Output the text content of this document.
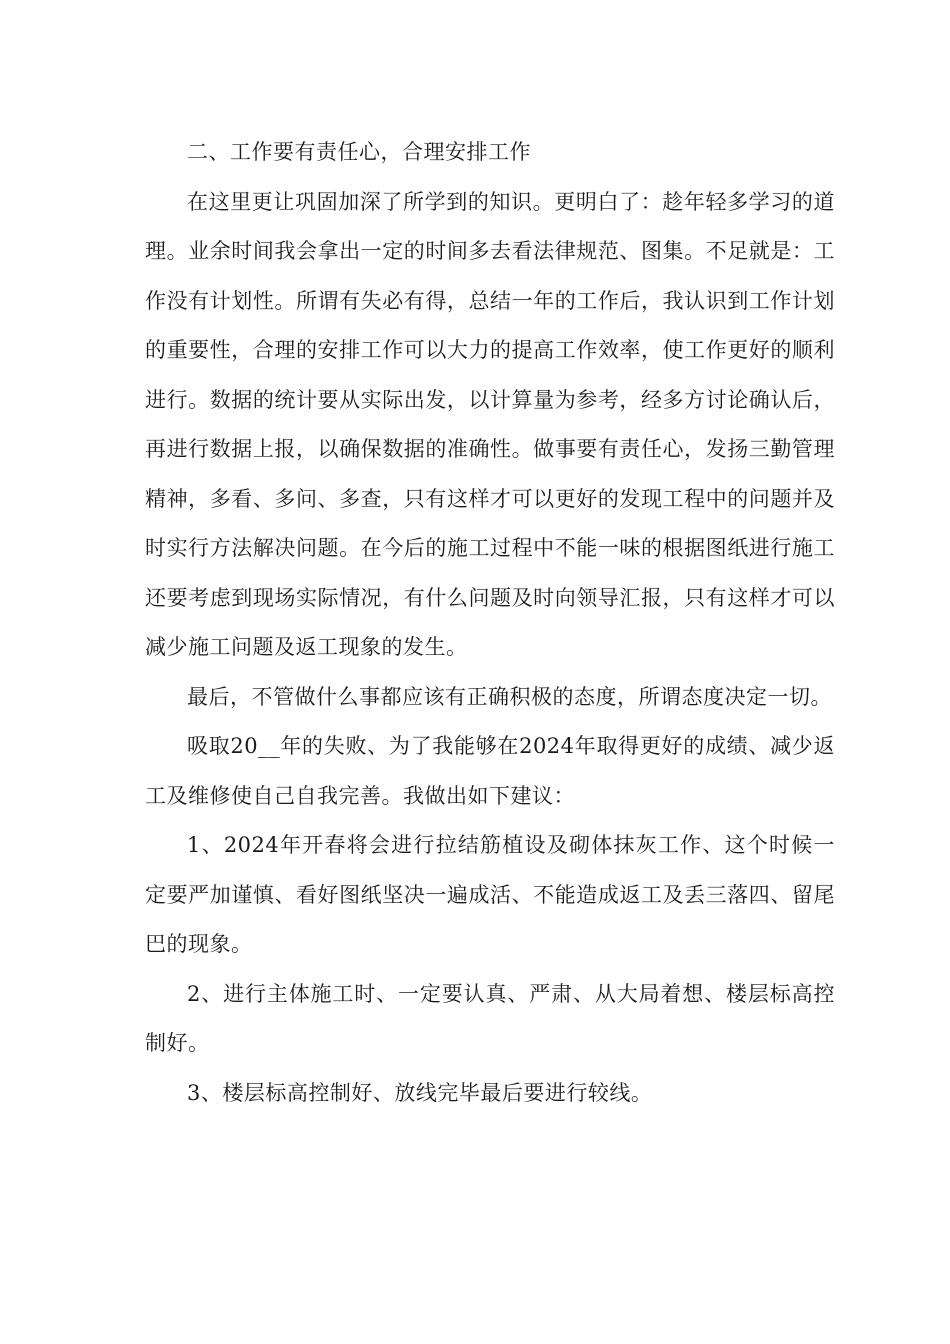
二、工作要有责任心，合理安排工作

在这里更让巩固加深了所学到的知识。更明白了：趁年轻多学习的道理。业余时间我会拿出一定的时间多去看法律规范、图集。不足就是：工作没有计划性。所谓有失必有得，总结一年的工作后，我认识到工作计划的重要性，合理的安排工作可以大力的提高工作效率，使工作更好的顺利进行。数据的统计要从实际出发，以计算量为参考，经多方讨论确认后，再进行数据上报，以确保数据的准确性。做事要有责任心，发扬三勤管理精神，多看、多问、多查，只有这样才可以更好的发现工程中的问题并及时实行方法解决问题。在今后的施工过程中不能一味的根据图纸进行施工还要考虑到现场实际情况，有什么问题及时向领导汇报，只有这样才可以减少施工问题及返工现象的发生。

最后，不管做什么事都应该有正确积极的态度，所谓态度决定一切。

吸取20__年的失败、为了我能够在2024年取得更好的成绩、减少返工及维修使自己自我完善。我做出如下建议：

1、2024年开春将会进行拉结筋植设及砌体抹灰工作、这个时候一定要严加谨慎、看好图纸坚决一遍成活、不能造成返工及丢三落四、留尾巴的现象。

2、进行主体施工时、一定要认真、严肃、从大局着想、楼层标高控制好。

3、楼层标高控制好、放线完毕最后要进行较线。
